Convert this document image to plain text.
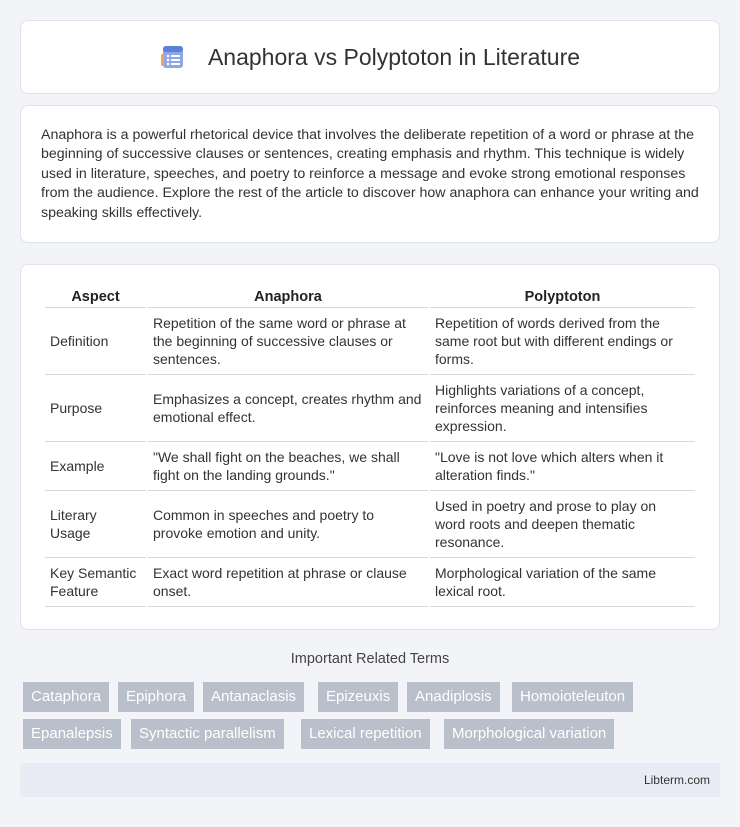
Anaphora vs Polyptoton in Literature

Anaphora is a powerful rhetorical device that involves the deliberate repetition of a word or phrase at the beginning of successive clauses or sentences, creating emphasis and rhythm. This technique is widely used in literature, speeches, and poetry to reinforce a message and evoke strong emotional responses from the audience. Explore the rest of the article to discover how anaphora can enhance your writing and speaking skills effectively.

Aspect	Anaphora	Polyptoton
Definition	Repetition of the same word or phrase at the beginning of successive clauses or sentences.	Repetition of words derived from the same root but with different endings or forms.
Purpose	Emphasizes a concept, creates rhythm and emotional effect.	Highlights variations of a concept, reinforces meaning and intensifies expression.
Example	"We shall fight on the beaches, we shall fight on the landing grounds."	"Love is not love which alters when it alteration finds."
Literary Usage	Common in speeches and poetry to provoke emotion and unity.	Used in poetry and prose to play on word roots and deepen thematic resonance.
Key Semantic Feature	Exact word repetition at phrase or clause onset.	Morphological variation of the same lexical root.
Important Related Terms
Cataphora	Epiphora	Antanaclasis	Epizeuxis	Anadiplosis	Homoioteleuton
Epanalepsis	Syntactic parallelism	Lexical repetition	Morphological variation
Libterm.com
